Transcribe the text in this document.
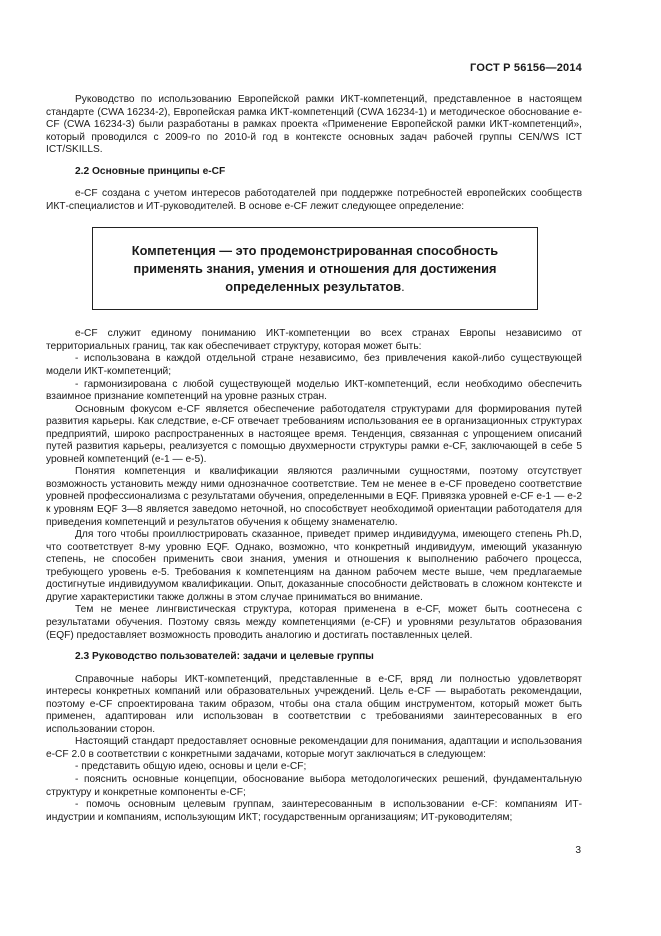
ГОСТ Р 56156—2014

Руководство по использованию Европейской рамки ИКТ-компетенций, представленное в настоящем стандарте (CWA 16234-2), Европейская рамка ИКТ-компетенций (CWA 16234-1) и методическое обоснование e-CF (CWA 16234-3) были разработаны в рамках проекта «Применение Европейской рамки ИКТ-компетенций», который проводился с 2009-го по 2010-й год в контексте основных задач рабочей группы CEN/WS ICT ICT/SKILLS.

2.2 Основные принципы e-CF

e-CF создана с учетом интересов работодателей при поддержке потребностей европейских сообществ ИКТ-специалистов и ИТ-руководителей. В основе e-CF лежит следующее определение:

Компетенция — это продемонстрированная способность применять знания, умения и отношения для достижения определенных результатов.

e-CF служит единому пониманию ИКТ-компетенции во всех странах Европы независимо от территориальных границ, так как обеспечивает структуру, которая может быть:

- использована в каждой отдельной стране независимо, без привлечения какой-либо существующей модели ИКТ-компетенций;

- гармонизирована с любой существующей моделью ИКТ-компетенций, если необходимо обеспечить взаимное признание компетенций на уровне разных стран.

Основным фокусом e-CF является обеспечение работодателя структурами для формирования путей развития карьеры. Как следствие, e-CF отвечает требованиям использования ее в организационных структурах предприятий, широко распространенных в настоящее время. Тенденция, связанная с упрощением описаний путей развития карьеры, реализуется с помощью двухмерности структуры рамки e-CF, заключающей в себе 5 уровней компетенций (e-1 — e-5).

Понятия компетенция и квалификации являются различными сущностями, поэтому отсутствует возможность установить между ними однозначное соответствие. Тем не менее в e-CF проведено соответствие уровней профессионализма с результатами обучения, определенными в EQF. Привязка уровней e-CF e-1 — e-2 к уровням EQF 3—8 является заведомо неточной, но способствует необходимой ориентации работодателя для приведения компетенций и результатов обучения к общему знаменателю.

Для того чтобы проиллюстрировать сказанное, приведет пример индивидуума, имеющего степень Ph.D, что соответствует 8-му уровню EQF. Однако, возможно, что конкретный индивидуум, имеющий указанную степень, не способен применить свои знания, умения и отношения к выполнению рабочего процесса, требующего уровень e-5. Требования к компетенциям на данном рабочем месте выше, чем предлагаемые достигнутые индивидуумом квалификации. Опыт, доказанные способности действовать в сложном контексте и другие характеристики также должны в этом случае приниматься во внимание.

Тем не менее лингвистическая структура, которая применена в e-CF, может быть соотнесена с результатами обучения. Поэтому связь между компетенциями (e-CF) и уровнями результатов образования (EQF) предоставляет возможность проводить аналогию и достигать поставленных целей.

2.3 Руководство пользователей: задачи и целевые группы

Справочные наборы ИКТ-компетенций, представленные в e-CF, вряд ли полностью удовлетворят интересы конкретных компаний или образовательных учреждений. Цель e-CF — выработать рекомендации, поэтому e-CF спроектирована таким образом, чтобы она стала общим инструментом, который может быть применен, адаптирован или использован в соответствии с требованиями заинтересованных в его использовании сторон.

Настоящий стандарт предоставляет основные рекомендации для понимания, адаптации и использования e-CF 2.0 в соответствии с конкретными задачами, которые могут заключаться в следующем:

- представить общую идею, основы и цели e-CF;

- пояснить основные концепции, обоснование выбора методологических решений, фундаментальную структуру и конкретные компоненты e-CF;

- помочь основным целевым группам, заинтересованным в использовании e-CF: компаниям ИТ-индустрии и компаниям, использующим ИКТ; государственным организациям; ИТ-руководителям;

3
